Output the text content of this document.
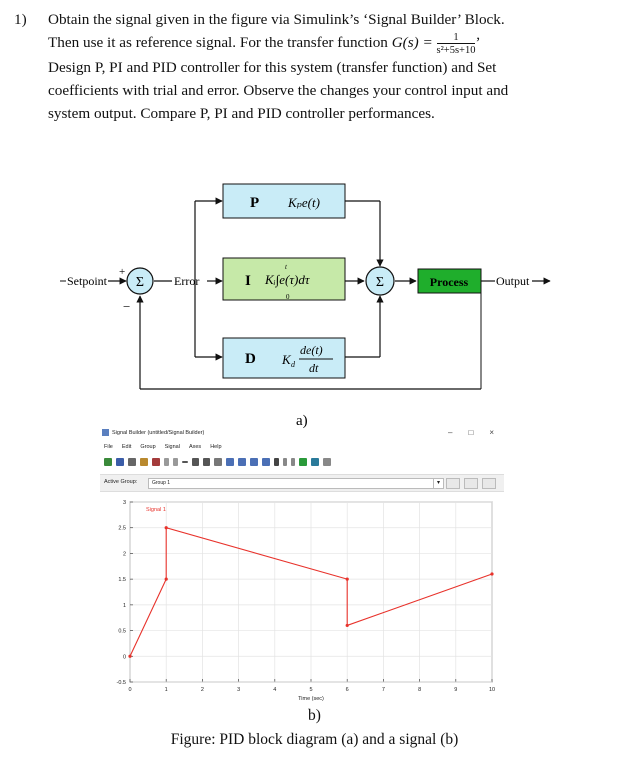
1) Obtain the signal given in the figure via Simulink’s ‘Signal Builder’ Block.
Then use it as reference signal. For the transfer function $G(s) = \frac{1}{\text{s²+5s+10}}$ ’
Design P, PI and PID controller for this system (transfer function) and Set
coefficients with trial and error. Observe the changes your control input and
system output. Compare P, PI and PID controller performances.
Σ	Σ
P Kₚe(t)
I Kᵢ∫e(τ)dτ
t
0
D K d
de(t)
dt
Process
Setpoint
+
−
Error	Output
a)
Signal Builder (untitled/Signal Builder)	– □ ×
File Edit Group Signal Axes Help
Active Group:	Group 1	▾
0	1	2	3	4	5	6	7	8	9	10
-0.5
0
0.5
1
1.5
2
2.5
3
Time (sec)
Signal 1
b)
Figure: PID block diagram (a) and a signal (b)
